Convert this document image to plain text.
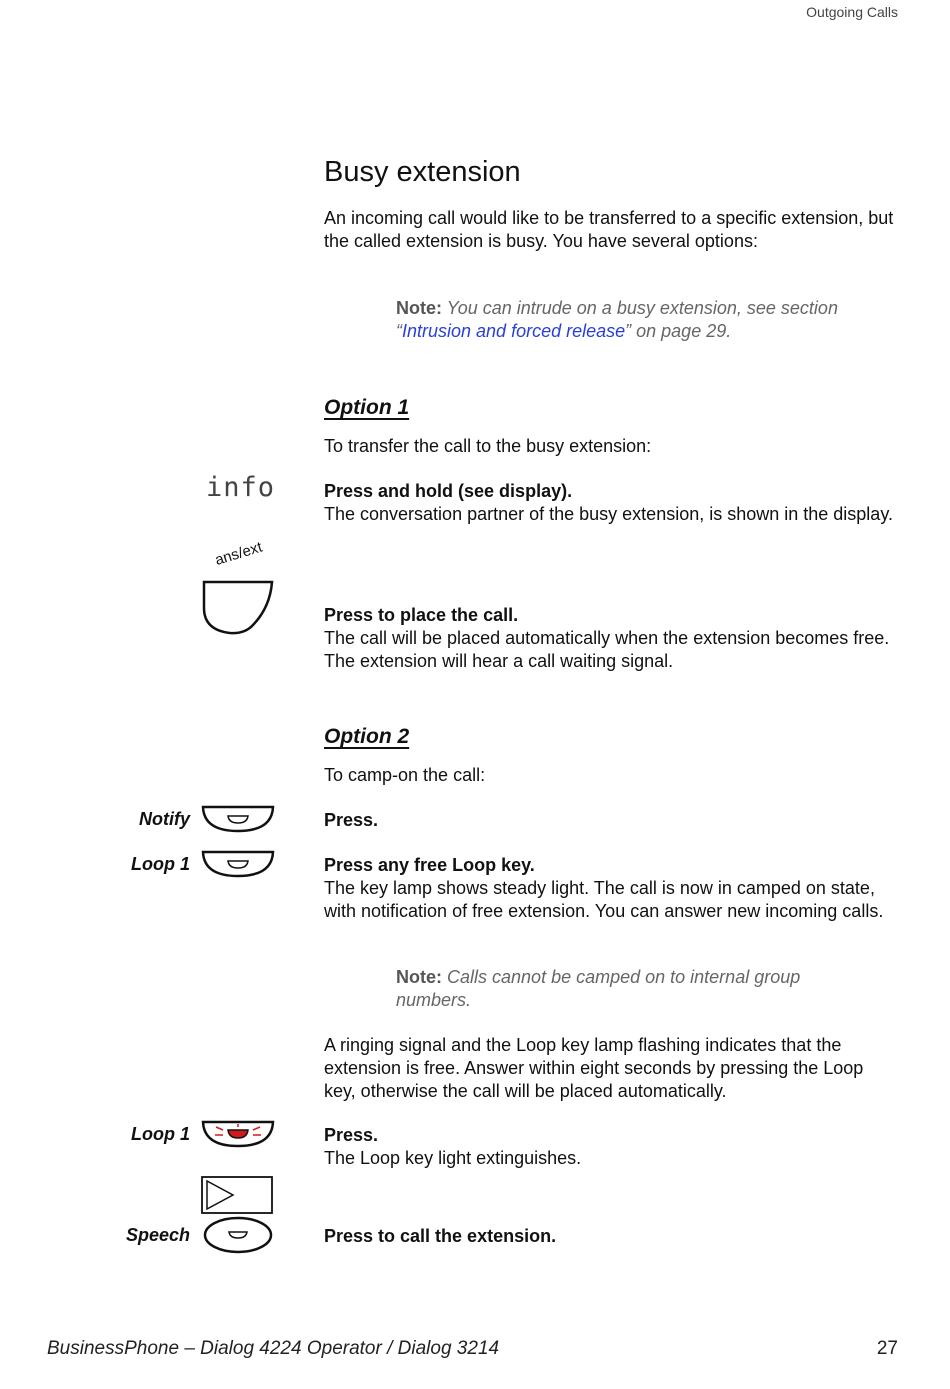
Outgoing Calls
Busy extension
An incoming call would like to be transferred to a specific extension, but the called extension is busy. You have several options:
Note: You can intrude on a busy extension, see section “Intrusion and forced release” on page 29.
Option 1
To transfer the call to the busy extension:
info	Press and hold (see display).
The conversation partner of the busy extension, is shown in the display.
ans/ext
Press to place the call.
The call will be placed automatically when the extension becomes free. The extension will hear a call waiting signal.
Option 2
To camp-on the call:
Notify	Press.
Loop 1	Press any free Loop key.
The key lamp shows steady light. The call is now in camped on state, with notification of free extension. You can answer new incoming calls.
Note: Calls cannot be camped on to internal group numbers.
A ringing signal and the Loop key lamp flashing indicates that the extension is free. Answer within eight seconds by pressing the Loop key, otherwise the call will be placed automatically.
Loop 1	Press.
The Loop key light extinguishes.
Speech	Press to call the extension.
BusinessPhone – Dialog 4224 Operator / Dialog 3214	27
